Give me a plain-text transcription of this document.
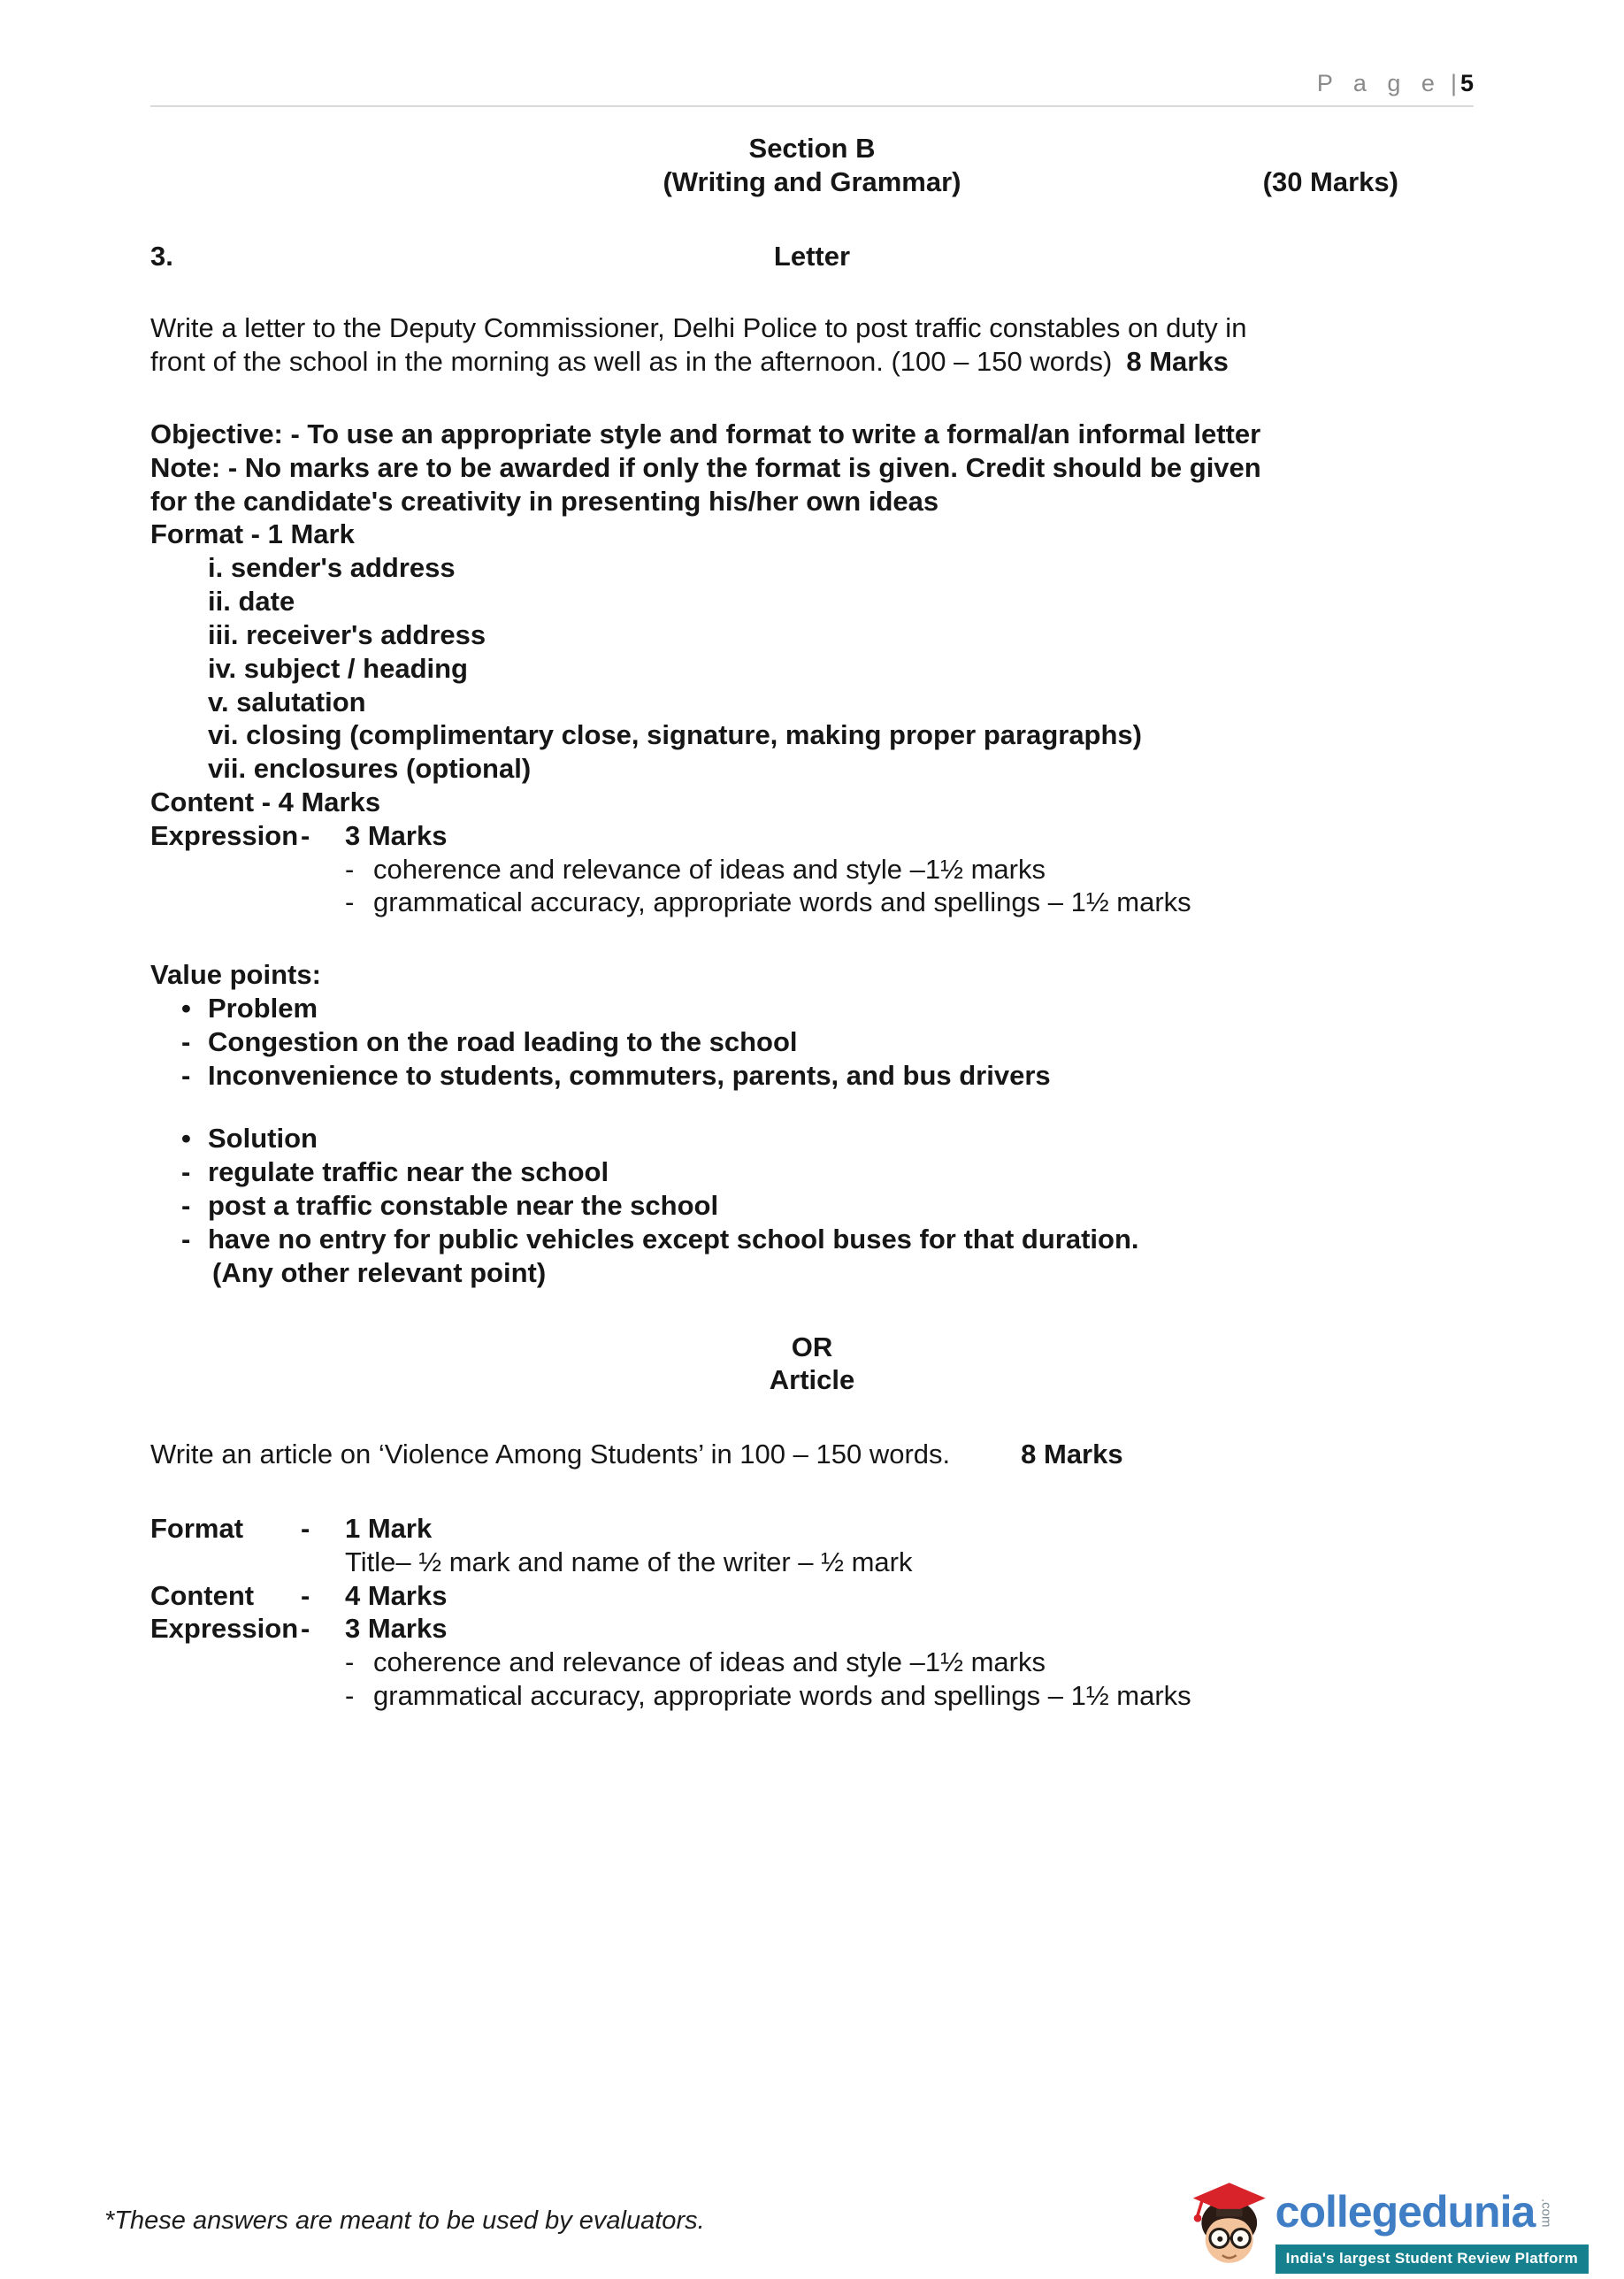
P a g e | 5
Section B
(Writing and Grammar)	(30 Marks)
3.	Letter
Write a letter to the Deputy Commissioner, Delhi Police to post traffic constables on duty in
front of the school in the morning as well as in the afternoon. (100 – 150 words) 8 Marks
Objective: - To use an appropriate style and format to write a formal/an informal letter
Note: - No marks are to be awarded if only the format is given. Credit should be given
for the candidate's creativity in presenting his/her own ideas
Format - 1 Mark
i. sender's address
ii. date
iii. receiver's address
iv. subject / heading
v. salutation
vi. closing (complimentary close, signature, making proper paragraphs)
vii. enclosures (optional)
Content - 4 Marks
Expression- 3 Marks
- coherence and relevance of ideas and style –1½ marks
- grammatical accuracy, appropriate words and spellings – 1½ marks
Value points:
• Problem
- Congestion on the road leading to the school
- Inconvenience to students, commuters, parents, and bus drivers
• Solution
- regulate traffic near the school
- post a traffic constable near the school
- have no entry for public vehicles except school buses for that duration.
(Any other relevant point)
OR
Article
Write an article on ‘Violence Among Students’ in 100 – 150 words.	8 Marks
Format - 1 Mark
Title– ½ mark and name of the writer – ½ mark
Content - 4 Marks
Expression- 3 Marks
- coherence and relevance of ideas and style –1½ marks
- grammatical accuracy, appropriate words and spellings – 1½ marks
*These answers are meant to be used by evaluators.	collegedunia .com
India's largest Student Review Platform
